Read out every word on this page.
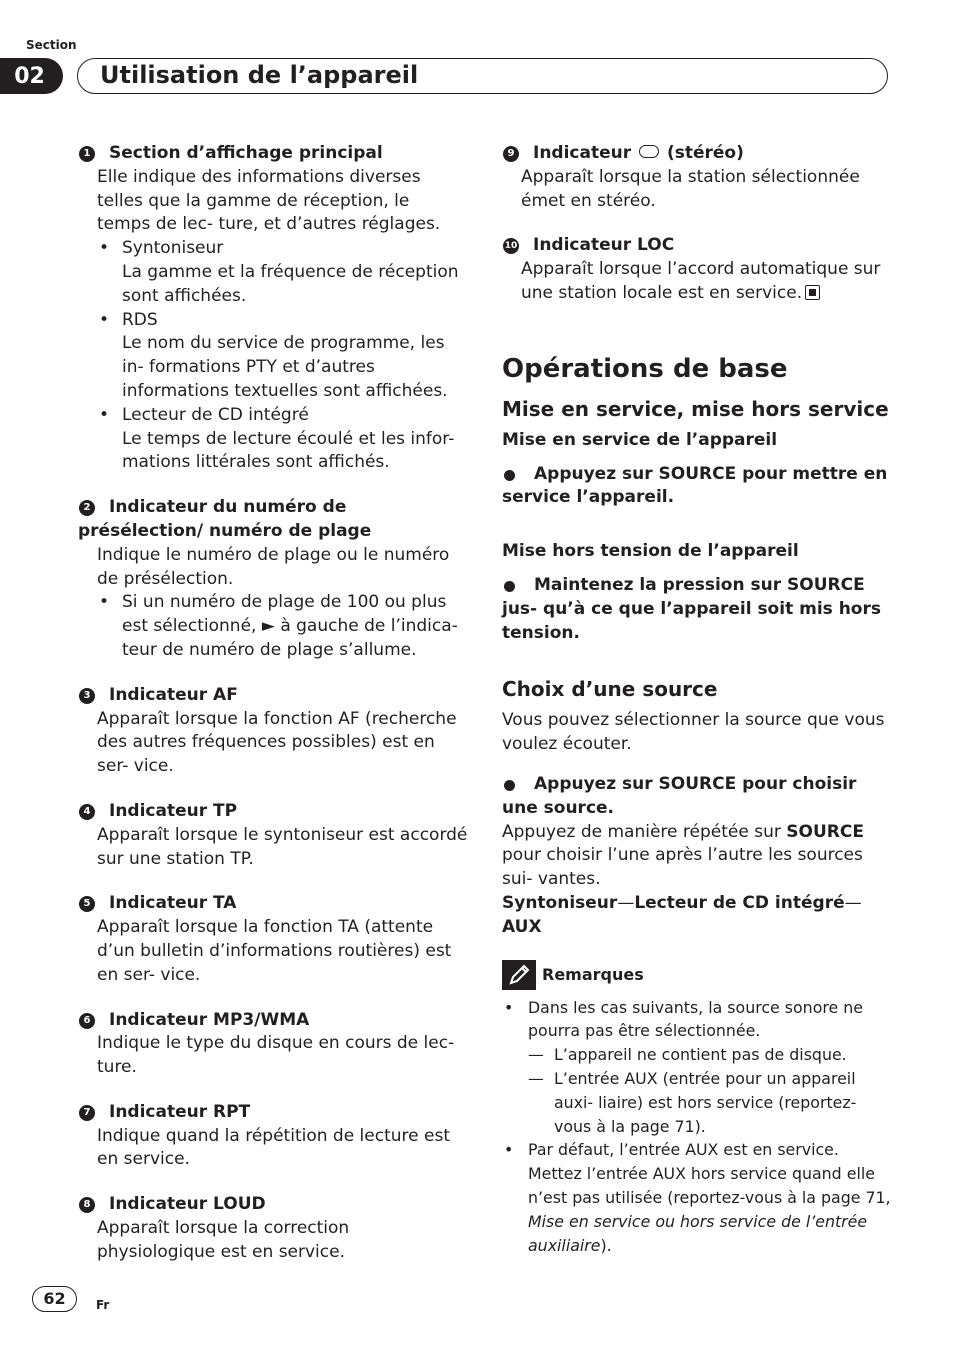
Section
02	Utilisation de l’appareil
1 Section d’affichage principal
Elle indique des informations diverses telles que la gamme de réception, le temps de lec- ture, et d’autres réglages.
• Syntoniseur
La gamme et la fréquence de réception sont affichées.
• RDS
Le nom du service de programme, les in- formations PTY et d’autres informations textuelles sont affichées.
• Lecteur de CD intégré
Le temps de lecture écoulé et les infor- mations littérales sont affichés.
2 Indicateur du numéro de présélection/ numéro de plage
Indique le numéro de plage ou le numéro de présélection.
• Si un numéro de plage de 100 ou plus est sélectionné, ► à gauche de l’indica- teur de numéro de plage s’allume.
3 Indicateur AF
Apparaît lorsque la fonction AF (recherche des autres fréquences possibles) est en ser- vice.
4 Indicateur TP
Apparaît lorsque le syntoniseur est accordé sur une station TP.
5 Indicateur TA
Apparaît lorsque la fonction TA (attente d’un bulletin d’informations routières) est en ser- vice.
6 Indicateur MP3/WMA
Indique le type du disque en cours de lec- ture.
7 Indicateur RPT
Indique quand la répétition de lecture est en service.
8 Indicateur LOUD
Apparaît lorsque la correction physiologique est en service.
9 Indicateur (stéréo)
Apparaît lorsque la station sélectionnée émet en stéréo.
10 Indicateur LOC
Apparaît lorsque l’accord automatique sur une station locale est en service.
Opérations de base
Mise en service, mise hors service
Mise en service de l’appareil
Appuyez sur SOURCE pour mettre en service l’appareil.
Mise hors tension de l’appareil
Maintenez la pression sur SOURCE jus- qu’à ce que l’appareil soit mis hors tension.
Choix d’une source
Vous pouvez sélectionner la source que vous voulez écouter.
Appuyez sur SOURCE pour choisir une source.
Appuyez de manière répétée sur SOURCE pour choisir l’une après l’autre les sources sui- vantes.
Syntoniseur—Lecteur de CD intégré—
AUX
Remarques
• Dans les cas suivants, la source sonore ne pourra pas être sélectionnée.
— L’appareil ne contient pas de disque.
— L’entrée AUX (entrée pour un appareil auxi- liaire) est hors service (reportez-vous à la page 71).
• Par défaut, l’entrée AUX est en service. Mettez l’entrée AUX hors service quand elle n’est pas utilisée (reportez-vous à la page 71, Mise en service ou hors service de l’entrée auxiliaire).
62	Fr
